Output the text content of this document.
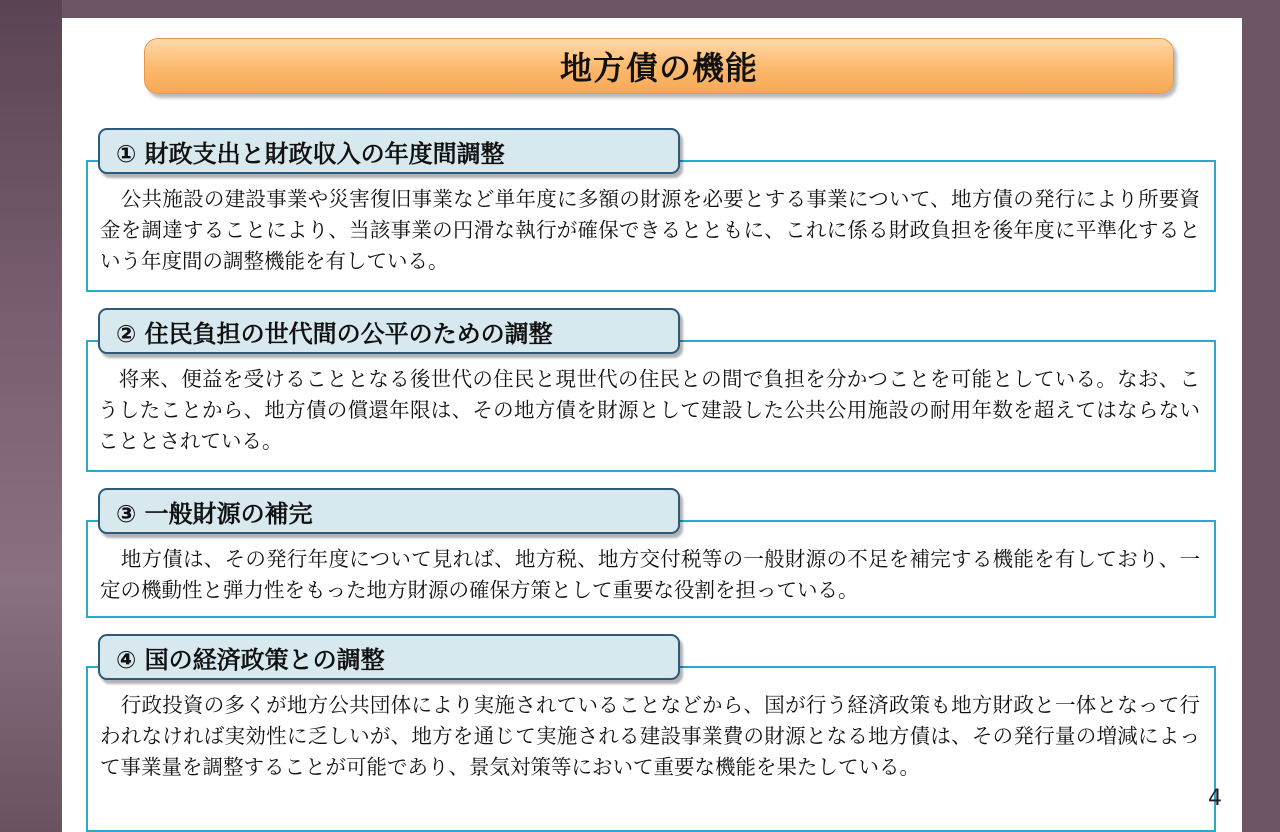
地方債の機能
　公共施設の建設事業や災害復旧事業など単年度に多額の財源を必要とする事業について、地方債の発行により所要資金を調達することにより、当該事業の円滑な執行が確保できるとともに、これに係る財政負担を後年度に平準化するという年度間の調整機能を有している。
① 財政支出と財政収入の年度間調整
　将来、便益を受けることとなる後世代の住民と現世代の住民との間で負担を分かつことを可能としている。なお、こうしたことから、地方債の償還年限は、その地方債を財源として建設した公共公用施設の耐用年数を超えてはならないこととされている。
② 住民負担の世代間の公平のための調整
　地方債は、その発行年度について見れば、地方税、地方交付税等の一般財源の不足を補完する機能を有しており、一定の機動性と弾力性をもった地方財源の確保方策として重要な役割を担っている。
③ 一般財源の補完
　行政投資の多くが地方公共団体により実施されていることなどから、国が行う経済政策も地方財政と一体となって行われなければ実効性に乏しいが、地方を通じて実施される建設事業費の財源となる地方債は、その発行量の増減によって事業量を調整することが可能であり、景気対策等において重要な機能を果たしている。
④ 国の経済政策との調整
4
